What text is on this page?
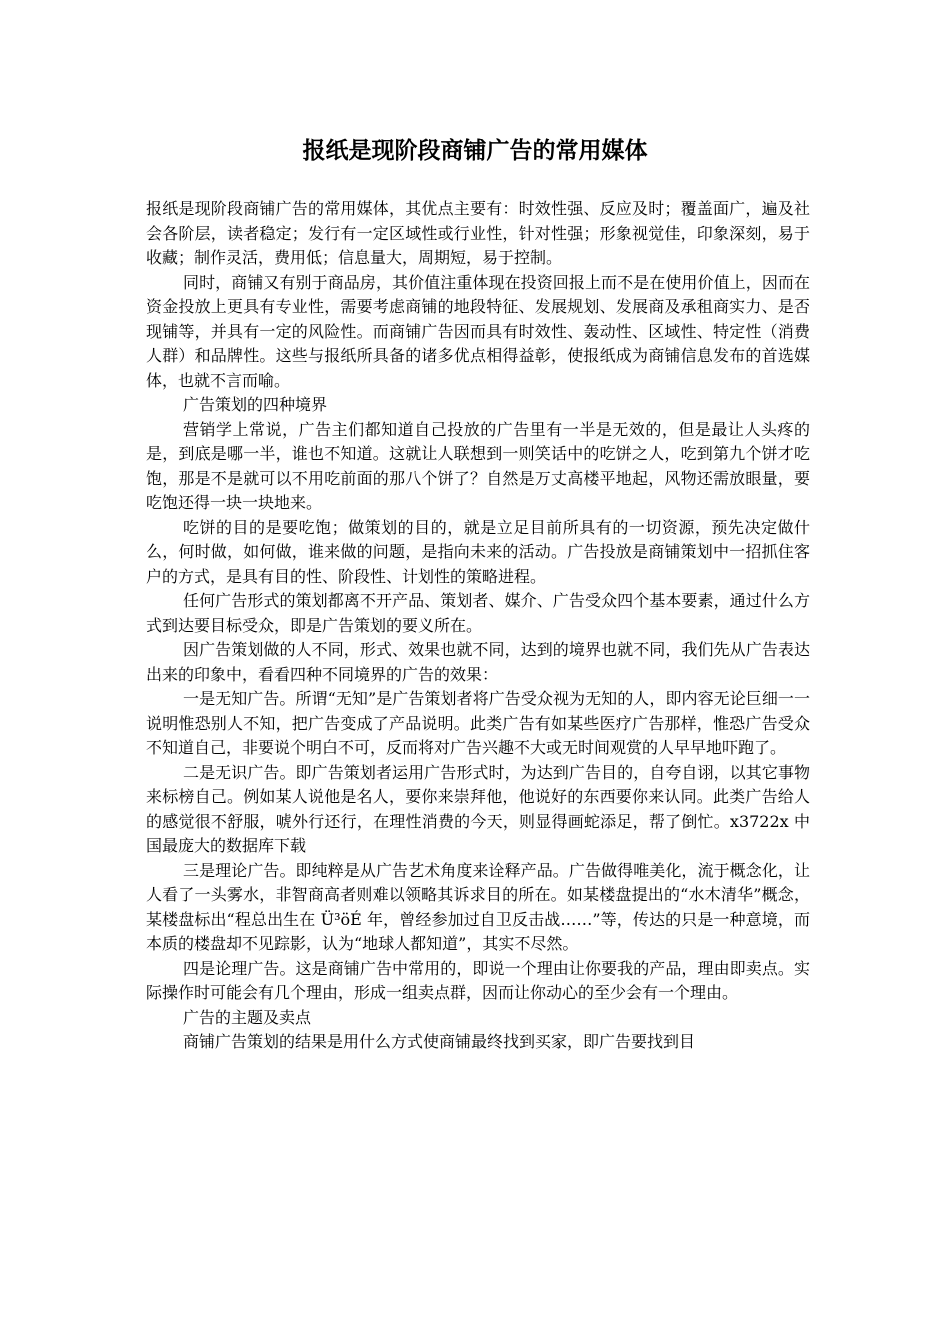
报纸是现阶段商铺广告的常用媒体

报纸是现阶段商铺广告的常用媒体，其优点主要有：时效性强、反应及时；覆盖面广，遍及社会各阶层，读者稳定；发行有一定区域性或行业性，针对性强；形象视觉佳，印象深刻，易于收藏；制作灵活，费用低；信息量大，周期短，易于控制。

同时，商铺又有别于商品房，其价值注重体现在投资回报上而不是在使用价值上，因而在资金投放上更具有专业性，需要考虑商铺的地段特征、发展规划、发展商及承租商实力、是否现铺等，并具有一定的风险性。而商铺广告因而具有时效性、轰动性、区域性、特定性（消费人群）和品牌性。这些与报纸所具备的诸多优点相得益彰，使报纸成为商铺信息发布的首选媒体，也就不言而喻。

广告策划的四种境界

营销学上常说，广告主们都知道自己投放的广告里有一半是无效的，但是最让人头疼的是，到底是哪一半，谁也不知道。这就让人联想到一则笑话中的吃饼之人，吃到第九个饼才吃饱，那是不是就可以不用吃前面的那八个饼了？自然是万丈高楼平地起，风物还需放眼量，要吃饱还得一块一块地来。

吃饼的目的是要吃饱；做策划的目的，就是立足目前所具有的一切资源，预先决定做什么，何时做，如何做，谁来做的问题，是指向未来的活动。广告投放是商铺策划中一招抓住客户的方式，是具有目的性、阶段性、计划性的策略进程。

任何广告形式的策划都离不开产品、策划者、媒介、广告受众四个基本要素，通过什么方式到达要目标受众，即是广告策划的要义所在。

因广告策划做的人不同，形式、效果也就不同，达到的境界也就不同，我们先从广告表达出来的印象中，看看四种不同境界的广告的效果：

一是无知广告。所谓“无知”是广告策划者将广告受众视为无知的人，即内容无论巨细一一说明惟恐别人不知，把广告变成了产品说明。此类广告有如某些医疗广告那样，惟恐广告受众不知道自己，非要说个明白不可，反而将对广告兴趣不大或无时间观赏的人早早地吓跑了。

二是无识广告。即广告策划者运用广告形式时，为达到广告目的，自夸自诩，以其它事物来标榜自己。例如某人说他是名人，要你来崇拜他，他说好的东西要你来认同。此类广告给人的感觉很不舒服，唬外行还行，在理性消费的今天，则显得画蛇添足，帮了倒忙。x3722x 中国最庞大的数据库下载

三是理论广告。即纯粹是从广告艺术角度来诠释产品。广告做得唯美化，流于概念化，让人看了一头雾水，非智商高者则难以领略其诉求目的所在。如某楼盘提出的“水木清华”概念，某楼盘标出“程总出生在 Ü³öÉ 年，曾经参加过自卫反击战……”等，传达的只是一种意境，而本质的楼盘却不见踪影，认为“地球人都知道”，其实不尽然。

四是论理广告。这是商铺广告中常用的，即说一个理由让你要我的产品，理由即卖点。实际操作时可能会有几个理由，形成一组卖点群，因而让你动心的至少会有一个理由。

广告的主题及卖点

商铺广告策划的结果是用什么方式使商铺最终找到买家，即广告要找到目
